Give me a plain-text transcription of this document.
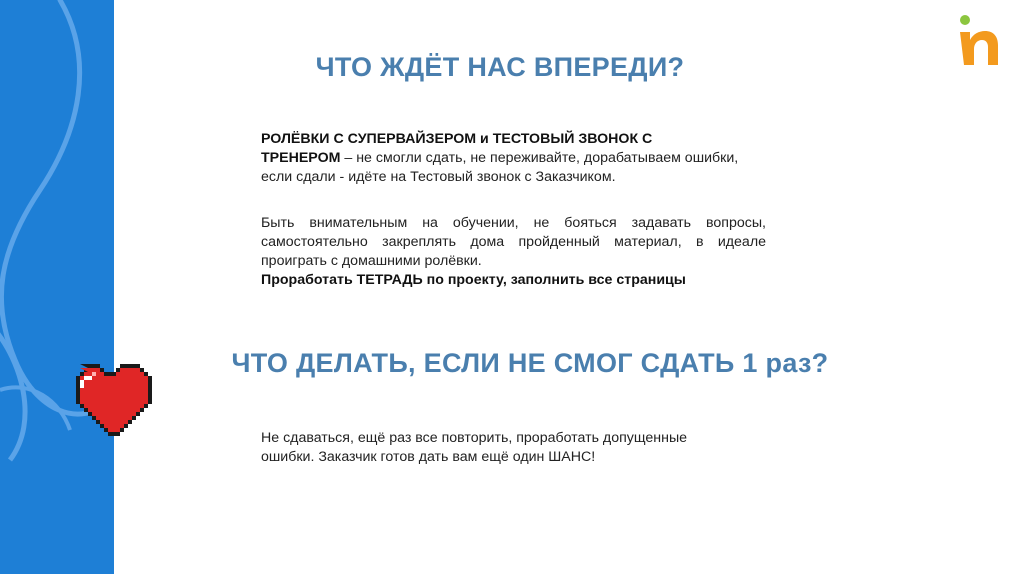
ЧТО ЖДЁТ НАС ВПЕРЕДИ?
РОЛЁВКИ С СУПЕРВАЙЗЕРОМ и ТЕСТОВЫЙ ЗВОНОК С
ТРЕНЕРОМ – не смогли сдать, не переживайте, дорабатываем ошибки, если сдали - идёте на Тестовый звонок с Заказчиком.
Быть внимательным на обучении, не бояться задавать вопросы, самостоятельно закреплять дома пройденный материал, в идеале проиграть с домашними ролёвки.
Проработать ТЕТРАДЬ по проекту, заполнить все страницы
ЧТО ДЕЛАТЬ, ЕСЛИ НЕ СМОГ СДАТЬ 1 раз?
Не сдаваться, ещё раз все повторить, проработать допущенные ошибки. Заказчик готов дать вам ещё один ШАНС!
